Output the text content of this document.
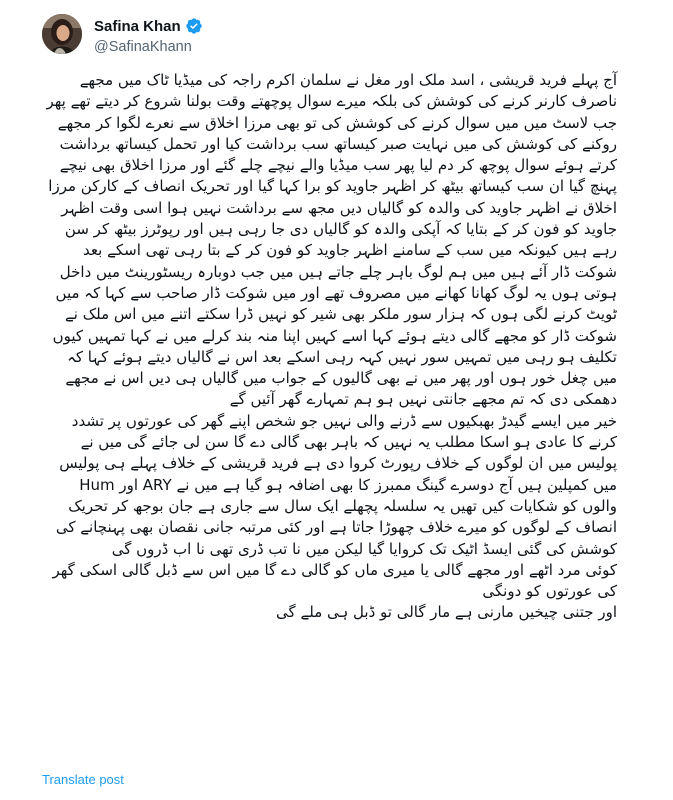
Safina Khan
@SafinaKhann

آج پہلے فرید قریشی ، اسد ملک اور مغل نے سلمان اکرم راجہ کی میڈیا ٹاک میں مجھے ناصرف کارنر کرنے کی کوشش کی بلکہ میرے سوال پوچھتے وقت بولنا شروع کر دیتے تھے پھر جب لاسٹ میں میں سوال کرنے کی کوشش کی تو بھی مرزا اخلاق سے نعرے لگوا کر مجھے روکنے کی کوشش کی میں نہایت صبر کیساتھ سب برداشت کیا اور تحمل کیساتھ برداشت کرتے ہوئے سوال پوچھ کر دم لیا پھر سب میڈیا والے نیچے چلے گئے اور مرزا اخلاق بھی نیچے پہنچ گیا ان سب کیساتھ بیٹھ کر اظہر جاوید کو برا کہا گیا اور تحریک انصاف کے کارکن مرزا اخلاق نے اظہر جاوید کی والدہ کو گالیاں دیں مجھ سے برداشت نہیں ہوا اسی وقت اظہر جاوید کو فون کر کے بتایا کہ آپکی والدہ کو گالیاں دی جا رہی ہیں اور رپوٹرز بیٹھ کر سن رہے ہیں کیونکہ میں سب کے سامنے اظہر جاوید کو فون کر کے بتا رہی تھی اسکے بعد شوکت ڈار آئے ہیں میں ہم لوگ باہر چلے جاتے ہیں میں جب دوبارہ ریسٹورینٹ میں داخل ہوتی ہوں یہ لوگ کھانا کھانے میں مصروف تھے اور میں شوکت ڈار صاحب سے کہا کہ میں ٹویٹ کرنے لگی ہوں کہ ہزار سور ملکر بھی شیر کو نہیں ڈرا سکتے اتنے میں اس ملک نے شوکت ڈار کو مجھے گالی دیتے ہوئے کہا اسے کہیں اپنا منہ بند کرلے میں نے کہا تمہیں کیوں تکلیف ہو رہی میں تمہیں سور نہیں کہہ رہی اسکے بعد اس نے گالیاں دیتے ہوئے کہا کہ میں چغل خور ہوں اور پھر میں نے بھی گالیوں کے جواب میں گالیاں ہی دیں اس نے مجھے دھمکی دی کہ تم مجھے جانتی نہیں ہو ہم تمہارے گھر آئیں گے

خیر میں ایسے گیدڑ بھبکیوں سے ڈرنے والی نہیں جو شخص اپنے گھر کی عورتوں پر تشدد کرنے کا عادی ہو اسکا مطلب یہ نہیں کہ باہر بھی گالی دے گا سن لی جائے گی میں نے پولیس میں ان لوگوں کے خلاف رپورٹ کروا دی ہے فرید قریشی کے خلاف پہلے ہی پولیس میں کمپلین ہیں آج دوسرے گینگ ممبرز کا بھی اضافہ ہو گیا ہے میں نے ARY اور Hum والوں کو شکایات کیں تھیں یہ سلسلہ پچھلے ایک سال سے جاری ہے جان بوجھ کر تحریک انصاف کے لوگوں کو میرے خلاف چھوڑا جاتا ہے اور کئی مرتبہ جانی نقصان بھی پہنچانے کی کوشش کی گئی ایسڈ اٹیک تک کروایا گیا لیکن میں نا تب ڈری تھی نا اب ڈروں گی

کوئی مرد اٹھے اور مجھے گالی یا میری ماں کو گالی دے گا میں اس سے ڈبل گالی اسکی گھر کی عورتوں کو دونگی

اور جتنی چیخیں مارنی ہے مار گالی تو ڈبل ہی ملے گی

Translate post
